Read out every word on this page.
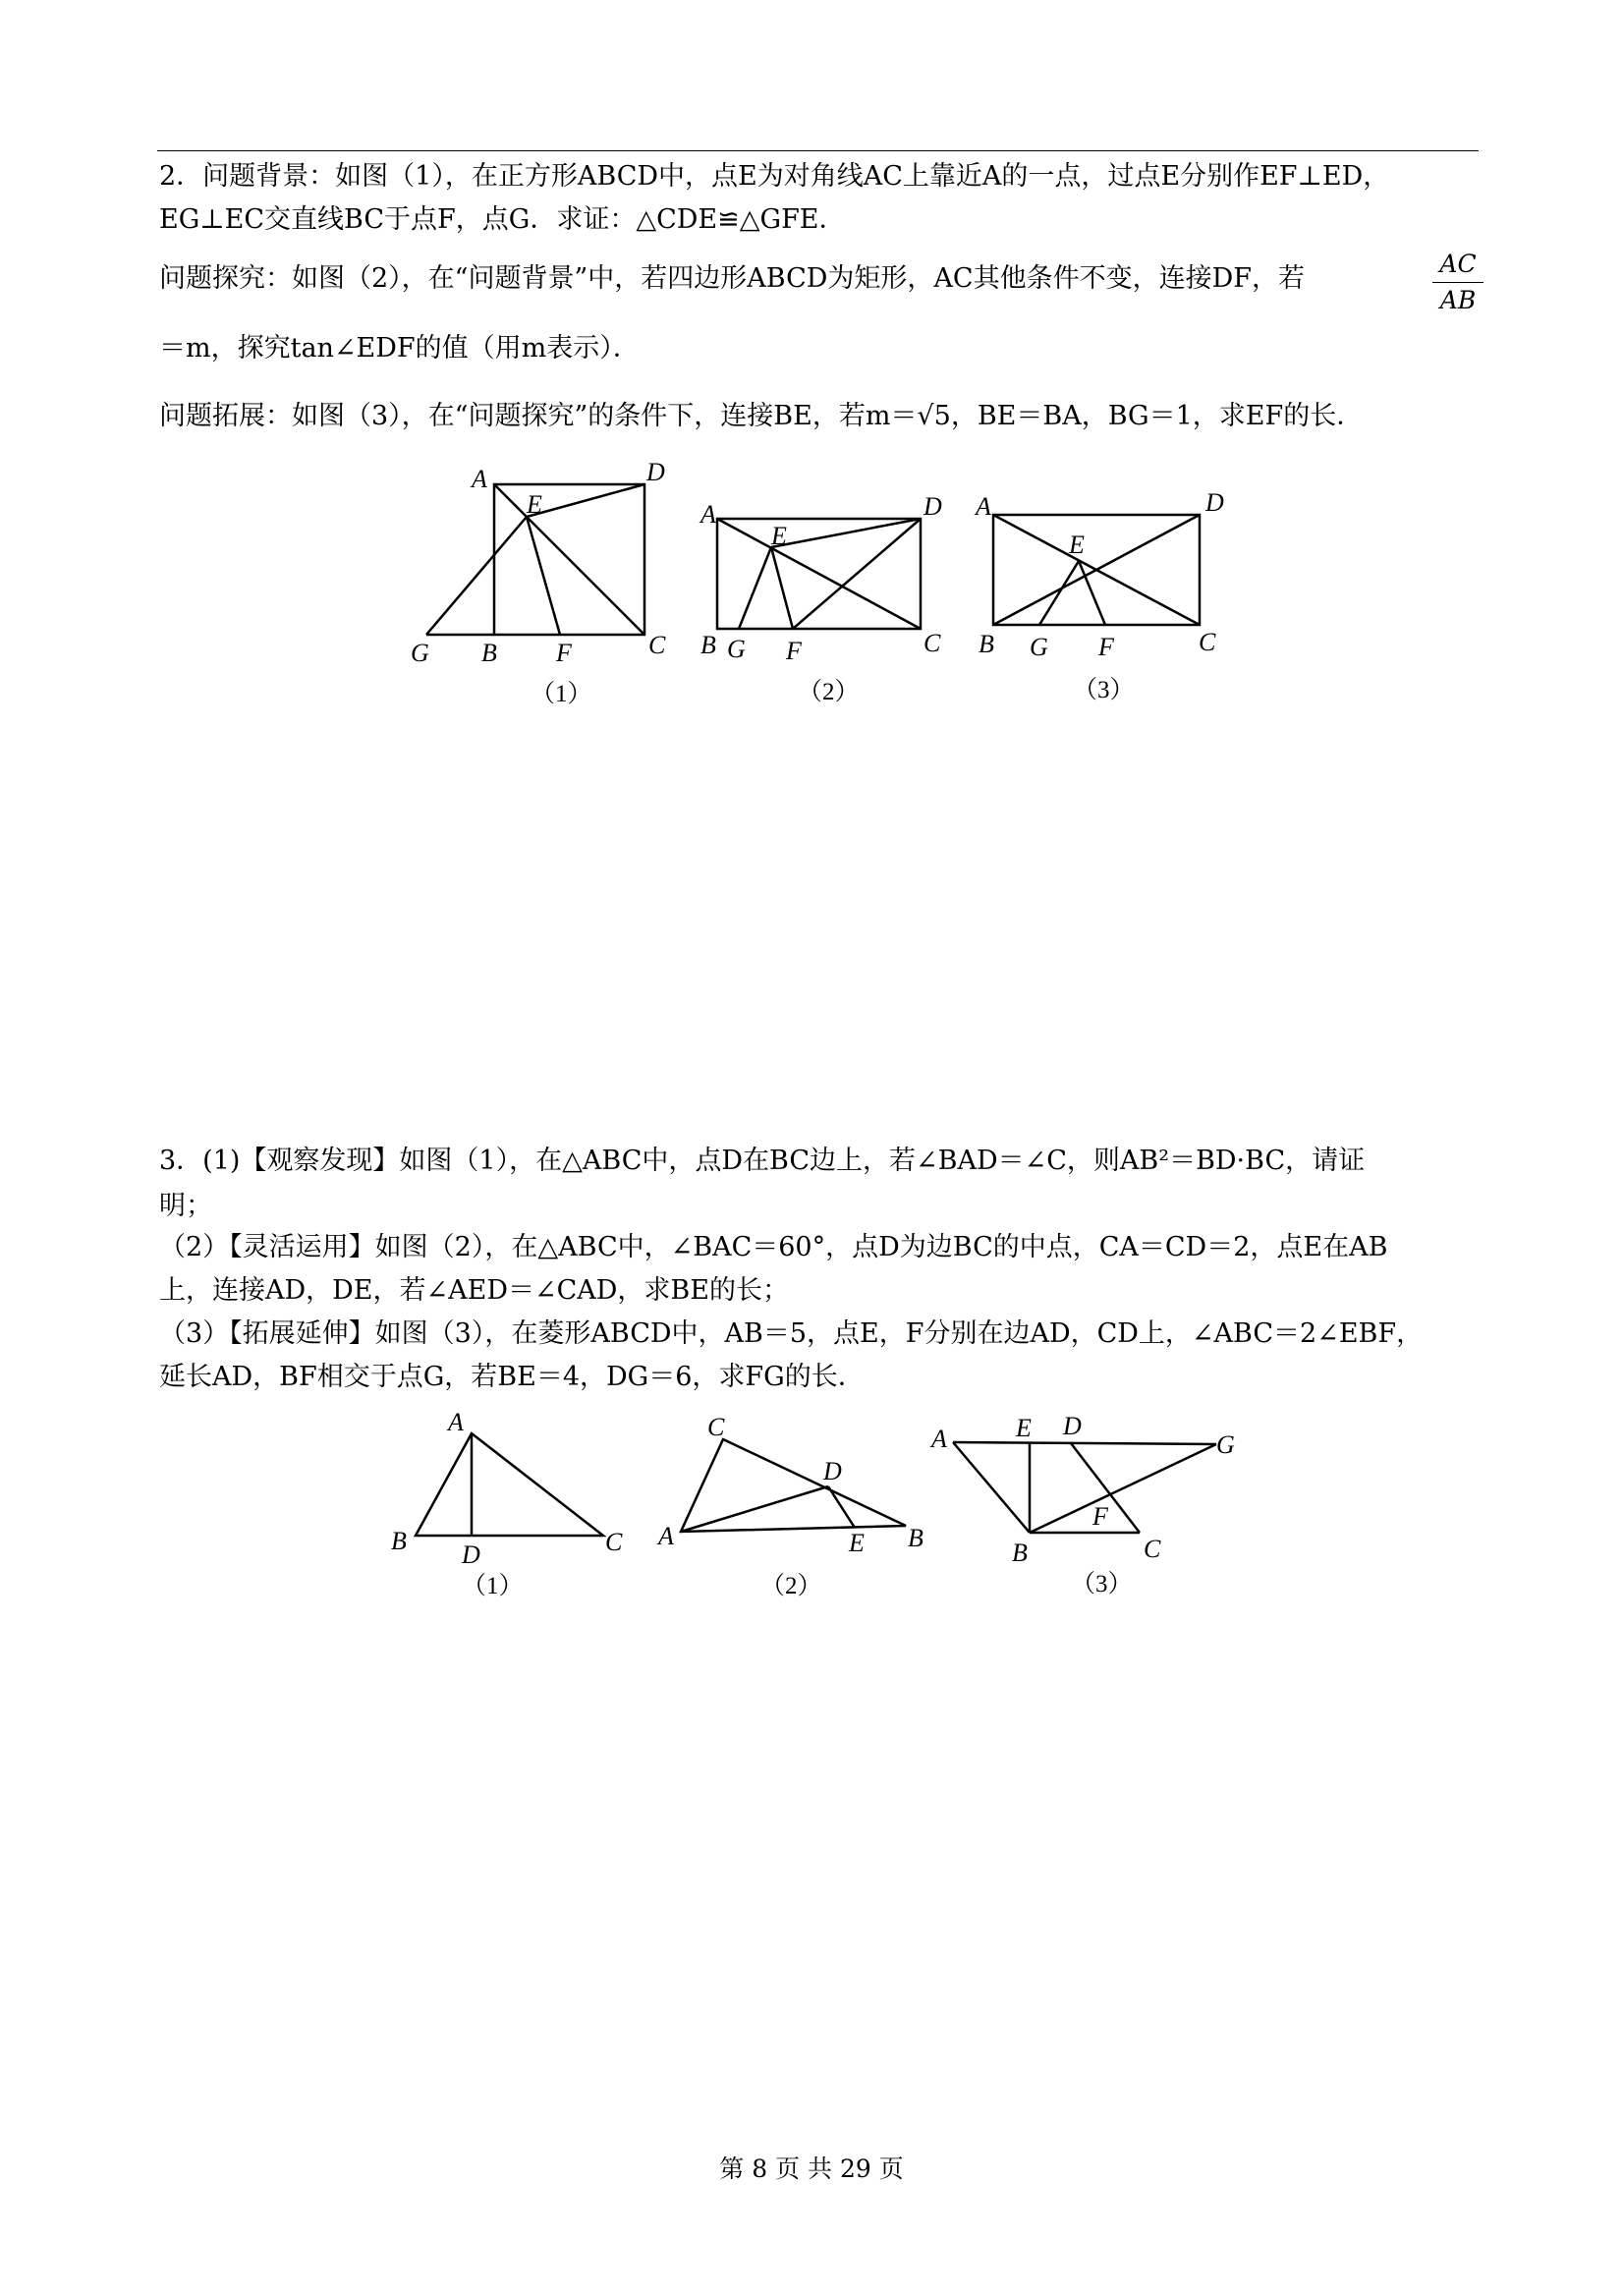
2．问题背景：如图（1），在正方形ABCD中，点E为对角线AC上靠近A的一点，过点E分别作EF⊥ED，
EG⊥EC交直线BC于点F，点G．求证：△CDE≌△GFE．
问题探究：如图（2），在“问题背景”中，若四边形ABCD为矩形，AC其他条件不变，连接DF，若	AC
AB
＝m，探究tan∠EDF的值（用m表示）．
问题拓展：如图（3），在“问题探究”的条件下，连接BE，若m＝√5，BE＝BA，BG＝1，求EF的长．
3．(1)【观察发现】如图（1），在△ABC中，点D在BC边上，若∠BAD＝∠C，则AB²＝BD·BC，请证
明；
（2）【灵活运用】如图（2），在△ABC中，∠BAC＝60°，点D为边BC的中点，CA＝CD＝2，点E在AB
上，连接AD，DE，若∠AED＝∠CAD，求BE的长；
（3）【拓展延伸】如图（3），在菱形ABCD中，AB＝5，点E，F分别在边AD，CD上，∠ABC＝2∠EBF，
延长AD，BF相交于点G，若BE＝4，DG＝6，求FG的长．
A	D
E
G B F	C
（1）
A	D
E
B G F	C
（2）
A	D
E
B G F	C
（3）
A
B D	C
（1）
C
D
A	E B
（2）
A	E D
G
F
B	C
（3）
第 8 页 共 29 页
